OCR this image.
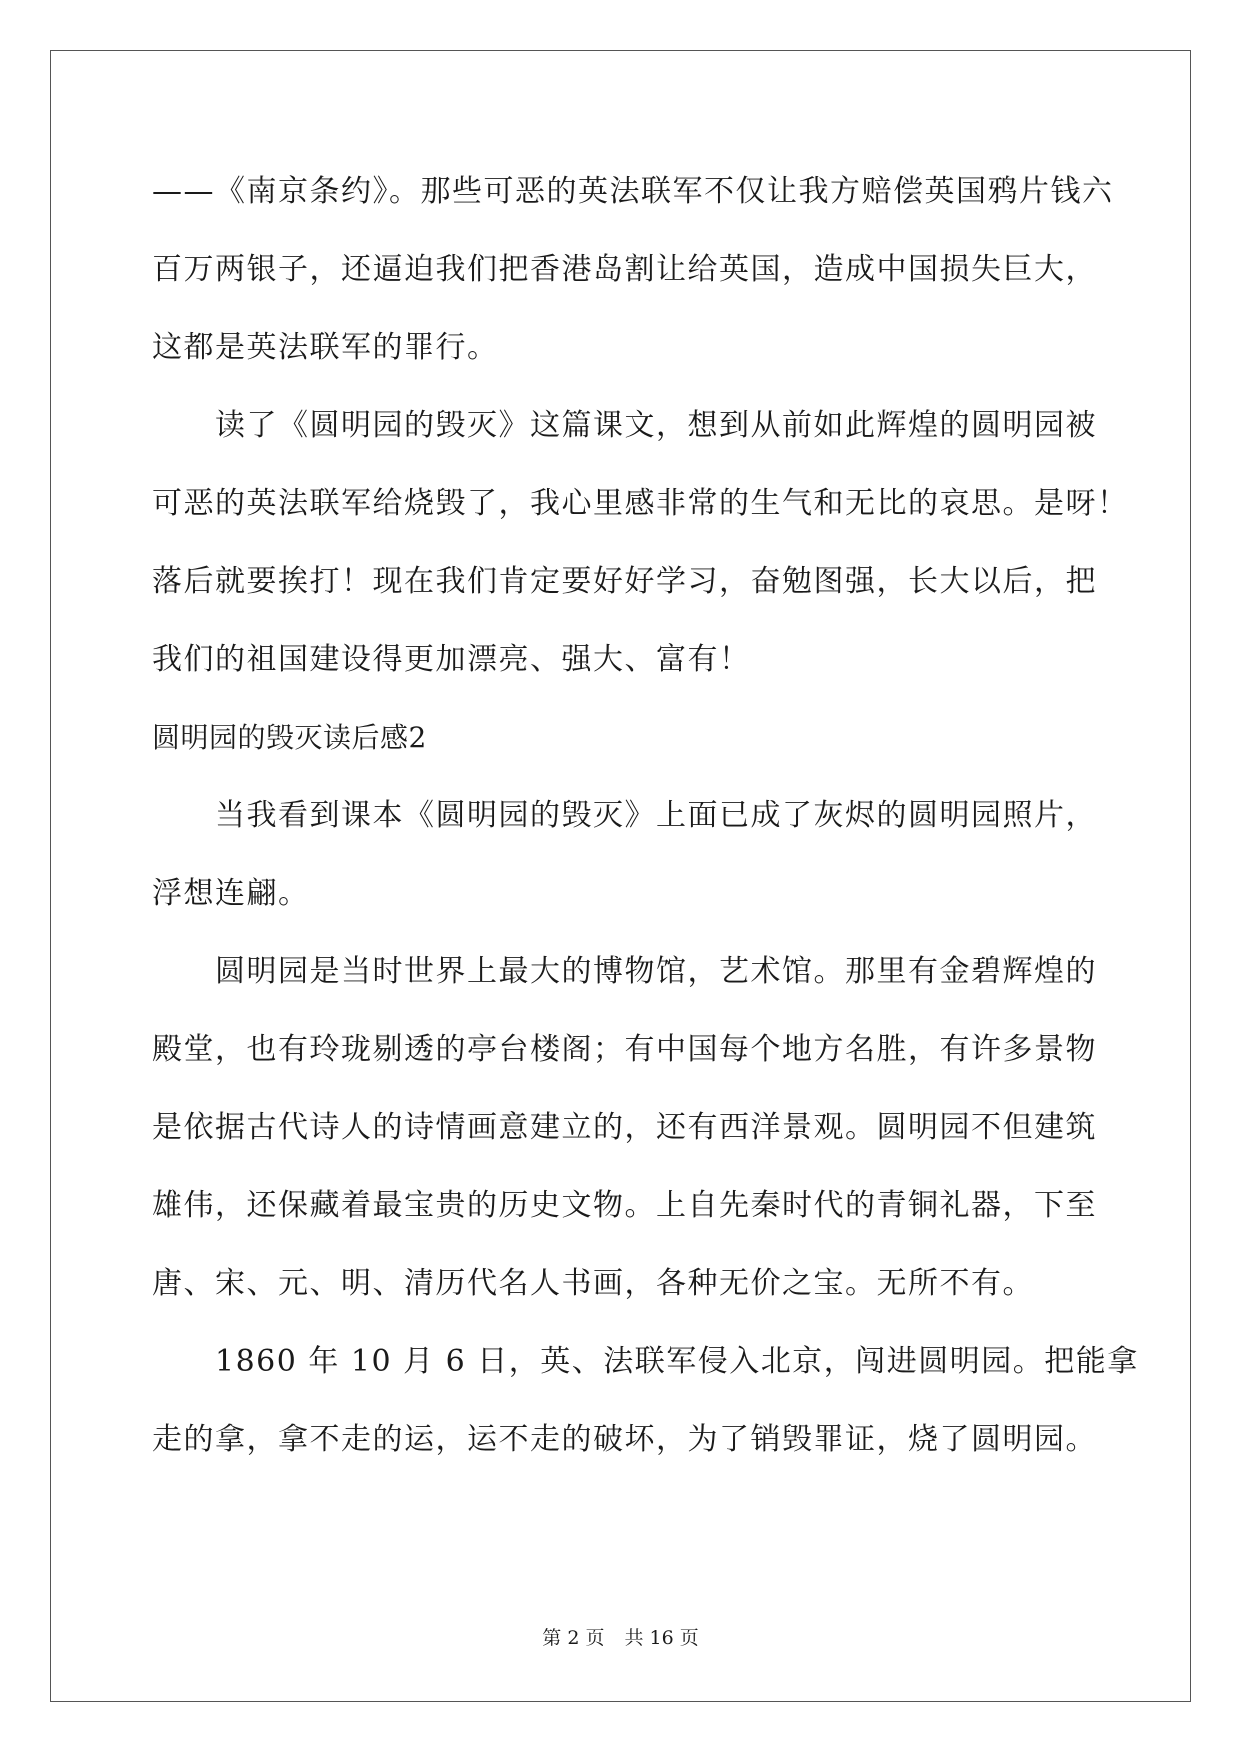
——《南京条约》。那些可恶的英法联军不仅让我方赔偿英国鸦片钱六
百万两银子，还逼迫我们把香港岛割让给英国，造成中国损失巨大，
这都是英法联军的罪行。
读了《圆明园的毁灭》这篇课文，想到从前如此辉煌的圆明园被
可恶的英法联军给烧毁了，我心里感非常的生气和无比的哀思。是呀！
落后就要挨打！现在我们肯定要好好学习，奋勉图强，长大以后，把
我们的祖国建设得更加漂亮、强大、富有！
圆明园的毁灭读后感2
当我看到课本《圆明园的毁灭》上面已成了灰烬的圆明园照片，
浮想连翩。
圆明园是当时世界上最大的博物馆，艺术馆。那里有金碧辉煌的
殿堂，也有玲珑剔透的亭台楼阁；有中国每个地方名胜，有许多景物
是依据古代诗人的诗情画意建立的，还有西洋景观。圆明园不但建筑
雄伟，还保藏着最宝贵的历史文物。上自先秦时代的青铜礼器，下至
唐、宋、元、明、清历代名人书画，各种无价之宝。无所不有。
1860 年 10 月 6 日，英、法联军侵入北京，闯进圆明园。把能拿
走的拿，拿不走的运，运不走的破坏，为了销毁罪证，烧了圆明园。
第 2 页 共 16 页
